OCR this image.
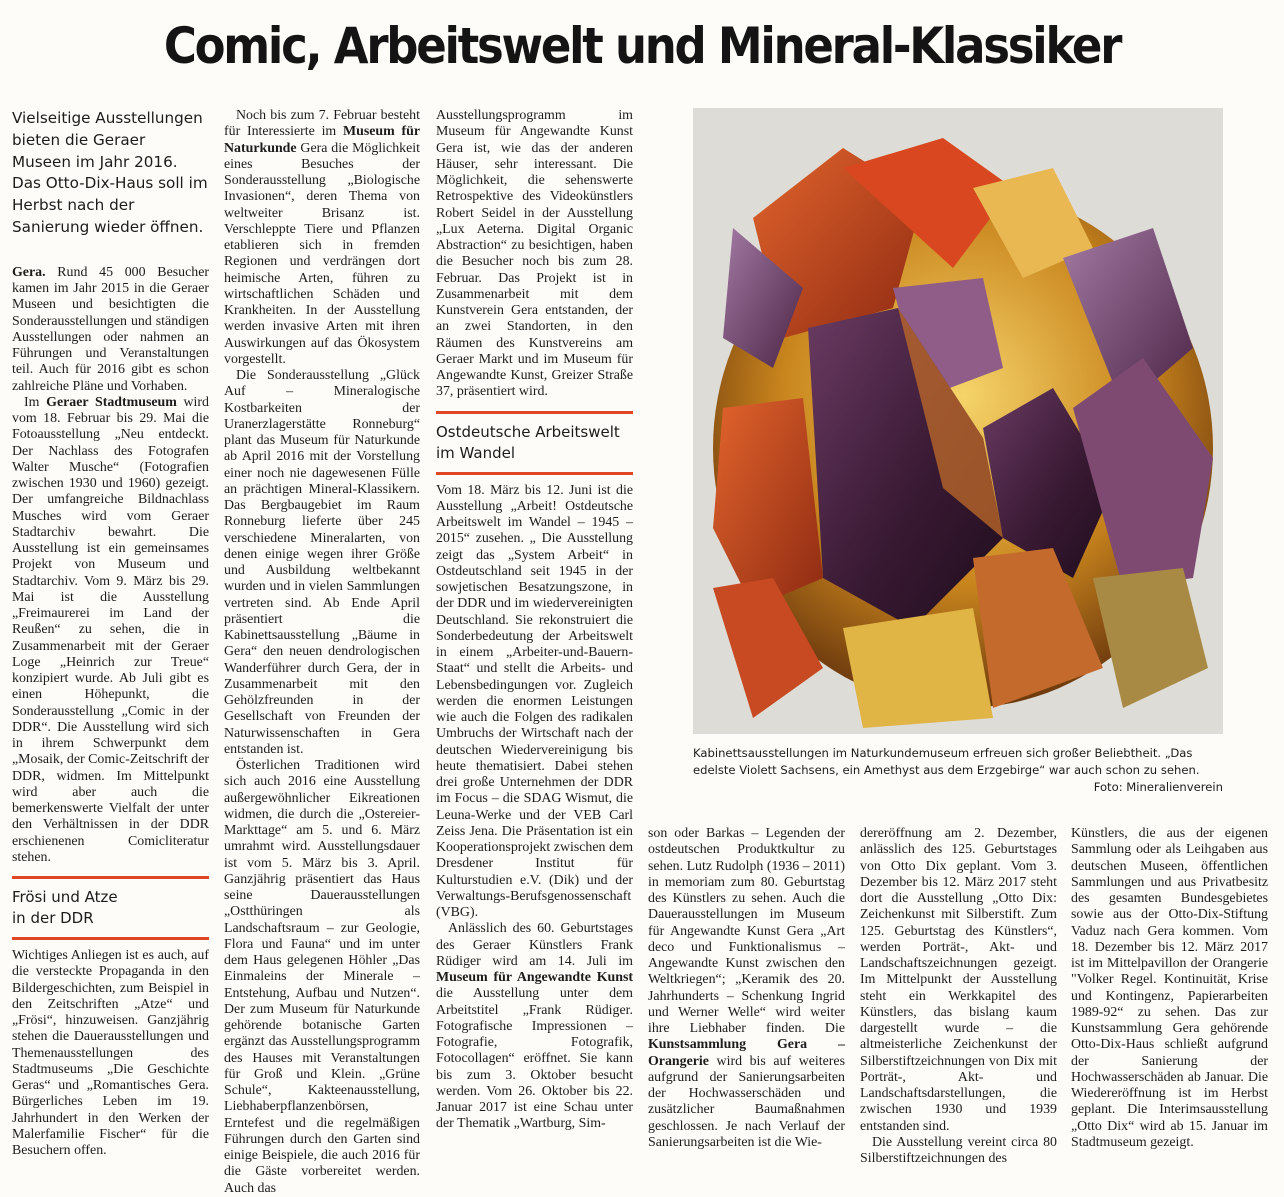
Comic, Arbeitswelt und Mineral-Klassiker

Vielseitige Ausstellungen bieten die Geraer Museen im Jahr 2016. Das Otto-Dix-Haus soll im Herbst nach der Sanierung wieder öffnen.

Gera. Rund 45 000 Besucher kamen im Jahr 2015 in die Geraer Museen und besichtigten die Sonderausstellungen und ständigen Ausstellungen oder nahmen an Führungen und Veranstaltungen teil. Auch für 2016 gibt es schon zahlreiche Pläne und Vorhaben.

Im Geraer Stadtmuseum wird vom 18. Februar bis 29. Mai die Fotoausstellung „Neu entdeckt. Der Nachlass des Fotografen Walter Musche“ (Fotografien zwischen 1930 und 1960) gezeigt. Der umfangreiche Bildnachlass Musches wird vom Geraer Stadtarchiv bewahrt. Die Ausstellung ist ein gemeinsames Projekt von Museum und Stadtarchiv. Vom 9. März bis 29. Mai ist die Ausstellung „Freimaurerei im Land der Reußen“ zu sehen, die in Zusammenarbeit mit der Geraer Loge „Heinrich zur Treue“ konzipiert wurde. Ab Juli gibt es einen Höhepunkt, die Sonderausstellung „Comic in der DDR“. Die Ausstellung wird sich in ihrem Schwerpunkt dem „Mosaik, der Comic-Zeitschrift der DDR, widmen. Im Mittelpunkt wird aber auch die bemerkenswerte Vielfalt der unter den Verhältnissen in der DDR erschienenen Comicliteratur stehen.

Frösi und Atze in der DDR

Wichtiges Anliegen ist es auch, auf die versteckte Propaganda in den Bildergeschichten, zum Beispiel in den Zeitschriften „Atze“ und „Frösi“, hinzuweisen. Ganzjährig stehen die Dauerausstellungen und Themenausstellungen des Stadtmuseums „Die Geschichte Geras“ und „Romantisches Gera. Bürgerliches Leben im 19. Jahrhundert in den Werken der Malerfamilie Fischer“ für die Besuchern offen.

Noch bis zum 7. Februar besteht für Interessierte im Museum für Naturkunde Gera die Möglichkeit eines Besuches der Sonderausstellung „Biologische Invasionen“, deren Thema von weltweiter Brisanz ist. Verschleppte Tiere und Pflanzen etablieren sich in fremden Regionen und verdrängen dort heimische Arten, führen zu wirtschaftlichen Schäden und Krankheiten. In der Ausstellung werden invasive Arten mit ihren Auswirkungen auf das Ökosystem vorgestellt.

Die Sonderausstellung „Glück Auf – Mineralogische Kostbarkeiten der Uranerzlagerstätte Ronneburg“ plant das Museum für Naturkunde ab April 2016 mit der Vorstellung einer noch nie dagewesenen Fülle an prächtigen Mineral-Klassikern. Das Bergbaugebiet im Raum Ronneburg lieferte über 245 verschiedene Mineralarten, von denen einige wegen ihrer Größe und Ausbildung weltbekannt wurden und in vielen Sammlungen vertreten sind. Ab Ende April präsentiert die Kabinettsausstellung „Bäume in Gera“ den neuen dendrologischen Wanderführer durch Gera, der in Zusammenarbeit mit den Gehölzfreunden in der Gesellschaft von Freunden der Naturwissenschaften in Gera entstanden ist.

Österlichen Traditionen wird sich auch 2016 eine Ausstellung außergewöhnlicher Eikreationen widmen, die durch die „Ostereier-Markttage“ am 5. und 6. März umrahmt wird. Ausstellungsdauer ist vom 5. März bis 3. April. Ganzjährig präsentiert das Haus seine Dauerausstellungen „Ostthüringen als Landschaftsraum – zur Geologie, Flora und Fauna“ und im unter dem Haus gelegenen Höhler „Das Einmaleins der Minerale – Entstehung, Aufbau und Nutzen“. Der zum Museum für Naturkunde gehörende botanische Garten ergänzt das Ausstellungsprogramm des Hauses mit Veranstaltungen für Groß und Klein. „Grüne Schule“, Kakteenausstellung, Liebhaberpflanzenbörsen, Erntefest und die regelmäßigen Führungen durch den Garten sind einige Beispiele, die auch 2016 für die Gäste vorbereitet werden. Auch das

Ausstellungsprogramm im Museum für Angewandte Kunst Gera ist, wie das der anderen Häuser, sehr interessant. Die Möglichkeit, die sehenswerte Retrospektive des Videokünstlers Robert Seidel in der Ausstellung „Lux Aeterna. Digital Organic Abstraction“ zu besichtigen, haben die Besucher noch bis zum 28. Februar. Das Projekt ist in Zusammenarbeit mit dem Kunstverein Gera entstanden, der an zwei Standorten, in den Räumen des Kunstvereins am Geraer Markt und im Museum für Angewandte Kunst, Greizer Straße 37, präsentiert wird.

Ostdeutsche Arbeitswelt im Wandel

Vom 18. März bis 12. Juni ist die Ausstellung „Arbeit! Ostdeutsche Arbeitswelt im Wandel – 1945 – 2015“ zusehen. „ Die Ausstellung zeigt das „System Arbeit“ in Ostdeutschland seit 1945 in der sowjetischen Besatzungszone, in der DDR und im wiedervereinigten Deutschland. Sie rekonstruiert die Sonderbedeutung der Arbeitswelt in einem „Arbeiter-und-Bauern-Staat“ und stellt die Arbeits- und Lebensbedingungen vor. Zugleich werden die enormen Leistungen wie auch die Folgen des radikalen Umbruchs der Wirtschaft nach der deutschen Wiedervereinigung bis heute thematisiert. Dabei stehen drei große Unternehmen der DDR im Focus – die SDAG Wismut, die Leuna-Werke und der VEB Carl Zeiss Jena. Die Präsentation ist ein Kooperationsprojekt zwischen dem Dresdener Institut für Kulturstudien e.V. (Dik) und der Verwaltungs-Berufsgenossenschaft (VBG).

Anlässlich des 60. Geburtstages des Geraer Künstlers Frank Rüdiger wird am 14. Juli im Museum für Angewandte Kunst die Ausstellung unter dem Arbeitstitel „Frank Rüdiger. Fotografische Impressionen – Fotografie, Fotografik, Fotocollagen“ eröffnet. Sie kann bis zum 3. Oktober besucht werden. Vom 26. Oktober bis 22. Januar 2017 ist eine Schau unter der Thematik „Wartburg, Sim-

Kabinettsausstellungen im Naturkundemuseum erfreuen sich großer Beliebtheit. „Das edelste Violett Sachsens, ein Amethyst aus dem Erzgebirge“ war auch schon zu sehen.
Foto: Mineralienverein

son oder Barkas – Legenden der ostdeutschen Produktkultur zu sehen. Lutz Rudolph (1936 – 2011) in memoriam zum 80. Geburtstag des Künstlers zu sehen. Auch die Dauerausstellungen im Museum für Angewandte Kunst Gera „Art deco und Funktionalismus – Angewandte Kunst zwischen den Weltkriegen“; „Keramik des 20. Jahrhunderts – Schenkung Ingrid und Werner Welle“ wird weiter ihre Liebhaber finden. Die Kunstsammlung Gera – Orangerie wird bis auf weiteres aufgrund der Sanierungsarbeiten der Hochwasserschäden und zusätzlicher Baumaßnahmen geschlossen. Je nach Verlauf der Sanierungsarbeiten ist die Wie-

dereröffnung am 2. Dezember, anlässlich des 125. Geburtstages von Otto Dix geplant. Vom 3. Dezember bis 12. März 2017 steht dort die Ausstellung „Otto Dix: Zeichenkunst mit Silberstift. Zum 125. Geburtstag des Künstlers“, werden Porträt-, Akt- und Landschaftszeichnungen gezeigt. Im Mittelpunkt der Ausstellung steht ein Werkkapitel des Künstlers, das bislang kaum dargestellt wurde – die altmeisterliche Zeichenkunst der Silberstiftzeichnungen von Dix mit Porträt-, Akt- und Landschaftsdarstellungen, die zwischen 1930 und 1939 entstanden sind.

Die Ausstellung vereint circa 80 Silberstiftzeichnungen des

Künstlers, die aus der eigenen Sammlung oder als Leihgaben aus deutschen Museen, öffentlichen Sammlungen und aus Privatbesitz des gesamten Bundesgebietes sowie aus der Otto-Dix-Stiftung Vaduz nach Gera kommen. Vom 18. Dezember bis 12. März 2017 ist im Mittelpavillon der Orangerie "Volker Regel. Kontinuität, Krise und Kontingenz, Papierarbeiten 1989-92“ zu sehen. Das zur Kunstsammlung Gera gehörende Otto-Dix-Haus schließt aufgrund der Sanierung der Hochwasserschäden ab Januar. Die Wiedereröffnung ist im Herbst geplant. Die Interimsausstellung „Otto Dix“ wird ab 15. Januar im Stadtmuseum gezeigt.
